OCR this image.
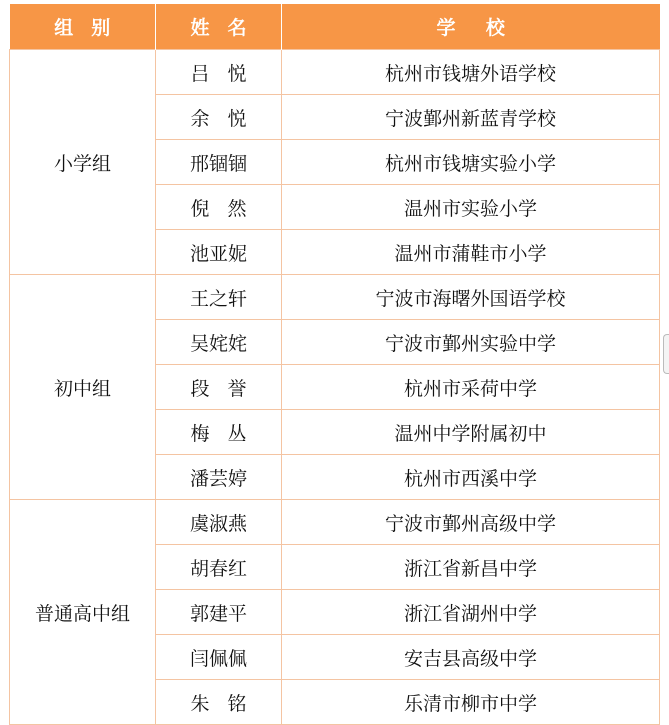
组别	姓名	学校
小学组	吕悦	杭州市钱塘外语学校
	余悦	宁波鄞州新蓝青学校
	邢锢锢	杭州市钱塘实验小学
	倪然	温州市实验小学
	池亚妮	温州市蒲鞋市小学
初中组	王之轩	宁波市海曙外国语学校
	吴姹姹	宁波市鄞州实验中学
	段誉	杭州市采荷中学
	梅丛	温州中学附属初中
	潘芸婷	杭州市西溪中学
普通高中组	虞淑燕	宁波市鄞州高级中学
	胡春红	浙江省新昌中学
	郭建平	浙江省湖州中学
	闫佩佩	安吉县高级中学
	朱铭	乐清市柳市中学
